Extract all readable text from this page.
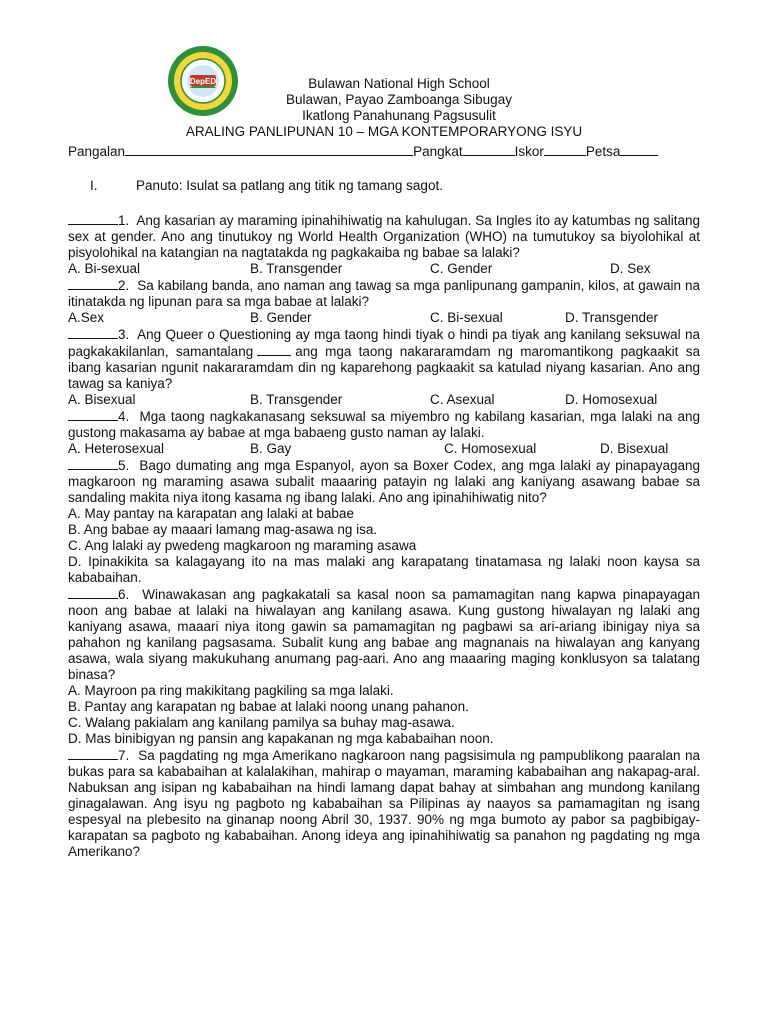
DepED	Bulawan National High School
Bulawan, Payao Zamboanga Sibugay
Ikatlong Panahunang Pagsusulit
ARALING PANLIPUNAN 10 – MGA KONTEMPORARYONG ISYU
Pangalan	Pangkat	Iskor	Petsa
I.	Panuto: Isulat sa patlang ang titik ng tamang sagot.
1. Ang kasarian ay maraming ipinahihiwatig na kahulugan. Sa Ingles ito ay katumbas ng salitang sex at gender. Ano ang tinutukoy ng World Health Organization (WHO) na tumutukoy sa biyolohikal at pisyolohikal na katangian na nagtatakda ng pagkakaiba ng babae sa lalaki?
A. Bi-sexual	B. Transgender	C. Gender	D. Sex
2. Sa kabilang banda, ano naman ang tawag sa mga panlipunang gampanin, kilos, at gawain na itinatakda ng lipunan para sa mga babae at lalaki?
A.Sex	B. Gender	C. Bi-sexual	D. Transgender
3. Ang Queer o Questioning ay mga taong hindi tiyak o hindi pa tiyak ang kanilang seksuwal na pagkakakilanlan, samantalang	ang mga taong nakararamdam ng maromantikong pagkaakit sa ibang kasarian ngunit nakararamdam din ng kaparehong pagkaakit sa katulad niyang kasarian. Ano ang tawag sa kaniya?
A. Bisexual	B. Transgender	C. Asexual	D. Homosexual
4. Mga taong nagkakanasang seksuwal sa miyembro ng kabilang kasarian, mga lalaki na ang gustong makasama ay babae at mga babaeng gusto naman ay lalaki.
A. Heterosexual	B. Gay	C. Homosexual	D. Bisexual
5. Bago dumating ang mga Espanyol, ayon sa Boxer Codex, ang mga lalaki ay pinapayagang magkaroon ng maraming asawa subalit maaaring patayin ng lalaki ang kaniyang asawang babae sa sandaling makita niya itong kasama ng ibang lalaki. Ano ang ipinahihiwatig nito?
A. May pantay na karapatan ang lalaki at babae
B. Ang babae ay maaari lamang mag-asawa ng isa.
C. Ang lalaki ay pwedeng magkaroon ng maraming asawa
D. Ipinakikita sa kalagayang ito na mas malaki ang karapatang tinatamasa ng lalaki noon kaysa sa kababaihan.
6. Winawakasan ang pagkakatali sa kasal noon sa pamamagitan nang kapwa pinapayagan noon ang babae at lalaki na hiwalayan ang kanilang asawa. Kung gustong hiwalayan ng lalaki ang kaniyang asawa, maaari niya itong gawin sa pamamagitan ng pagbawi sa ari-ariang ibinigay niya sa pahahon ng kanilang pagsasama. Subalit kung ang babae ang magnanais na hiwalayan ang kanyang asawa, wala siyang makukuhang anumang pag-aari. Ano ang maaaring maging konklusyon sa talatang binasa?
A. Mayroon pa ring makikitang pagkiling sa mga lalaki.
B. Pantay ang karapatan ng babae at lalaki noong unang pahanon.
C. Walang pakialam ang kanilang pamilya sa buhay mag-asawa.
D. Mas binibigyan ng pansin ang kapakanan ng mga kababaihan noon.
7. Sa pagdating ng mga Amerikano nagkaroon nang pagsisimula ng pampublikong paaralan na bukas para sa kababaihan at kalalakihan, mahirap o mayaman, maraming kababaihan ang nakapag-aral. Nabuksan ang isipan ng kababaihan na hindi lamang dapat bahay at simbahan ang mundong kanilang ginagalawan. Ang isyu ng pagboto ng kababaihan sa Pilipinas ay naayos sa pamamagitan ng isang espesyal na plebesito na ginanap noong Abril 30, 1937. 90% ng mga bumoto ay pabor sa pagbibigay-karapatan sa pagboto ng kababaihan. Anong ideya ang ipinahihiwatig sa panahon ng pagdating ng mga Amerikano?
